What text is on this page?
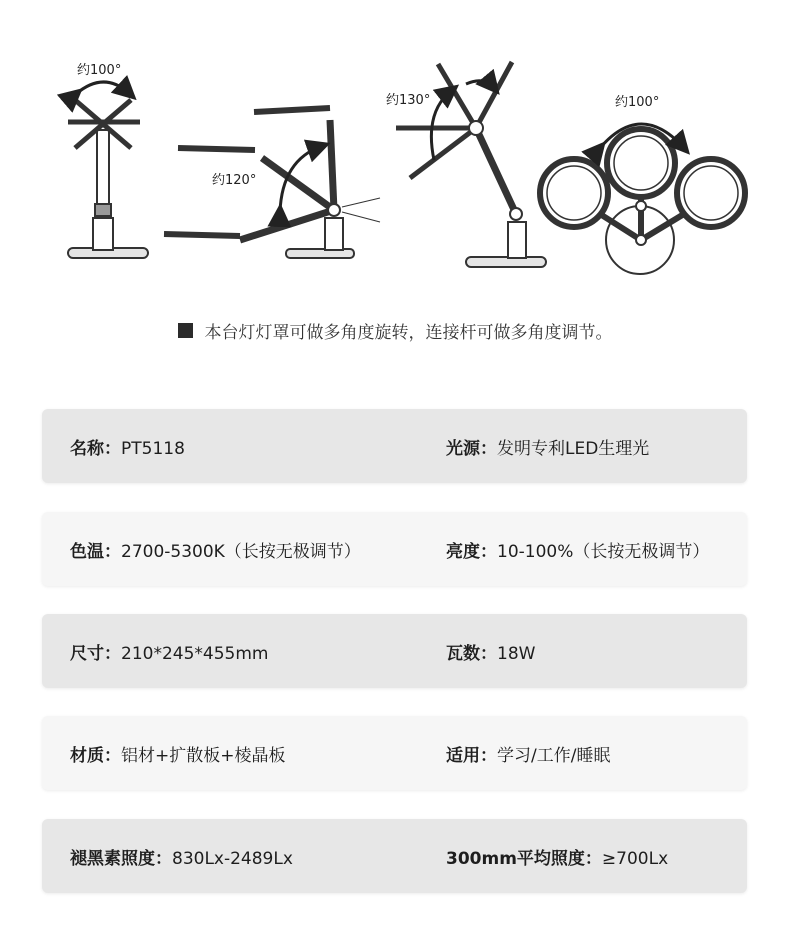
约100°
约120°
约130°	约100°
本台灯灯罩可做多角度旋转，连接杆可做多角度调节。
名称：PT5118	光源：发明专利LED生理光
色温：2700-5300K（长按无极调节）	亮度：10-100%（长按无极调节）
尺寸：210*245*455mm	瓦数：18W
材质：铝材+扩散板+棱晶板	适用：学习/工作/睡眠
褪黑素照度：830Lx-2489Lx	300mm平均照度：≥700Lx
